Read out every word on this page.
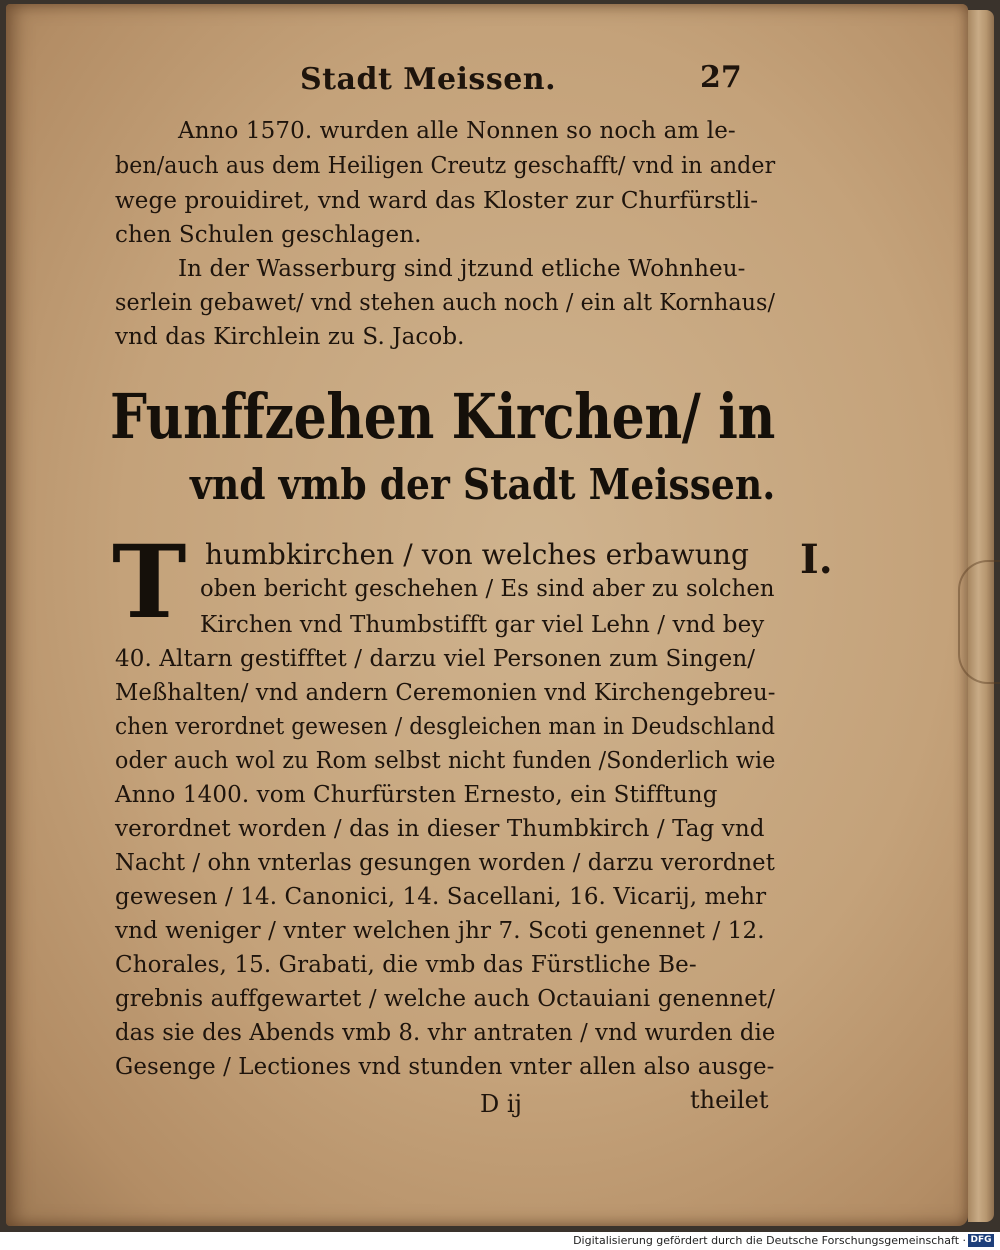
Stadt Meissen.	27
Anno 1570. wurden alle Nonnen so noch am le-
ben/auch aus dem Heiligen Creutz geschafft/ vnd in ander
wege prouidiret, vnd ward das Kloster zur Churfürstli-
chen Schulen geschlagen.
In der Wasserburg sind jtzund etliche Wohnheu-
serlein gebawet/ vnd stehen auch noch / ein alt Kornhaus/
vnd das Kirchlein zu S. Jacob.
Funffzehen Kirchen/ in
vnd vmb der Stadt Meissen.
I.
T humbkirchen / von welches erbawung
oben bericht geschehen / Es sind aber zu solchen
Kirchen vnd Thumbstifft gar viel Lehn / vnd bey
40. Altarn gestifftet / darzu viel Personen zum Singen/
Meßhalten/ vnd andern Ceremonien vnd Kirchengebreu-
chen verordnet gewesen / desgleichen man in Deudschland
oder auch wol zu Rom selbst nicht funden /Sonderlich wie
Anno 1400. vom Churfürsten Ernesto, ein Stifftung
verordnet worden / das in dieser Thumbkirch / Tag vnd
Nacht / ohn vnterlas gesungen worden / darzu verordnet
gewesen / 14. Canonici, 14. Sacellani, 16. Vicarij, mehr
vnd weniger / vnter welchen jhr 7. Scoti genennet / 12.
Chorales, 15. Grabati, die vmb das Fürstliche Be-
grebnis auffgewartet / welche auch Octauiani genennet/
das sie des Abends vmb 8. vhr antraten / vnd wurden die
Gesenge / Lectiones vnd stunden vnter allen also ausge-
D ij	theilet
Digitalisierung gefördert durch die Deutsche Forschungsgemeinschaft · DFG
